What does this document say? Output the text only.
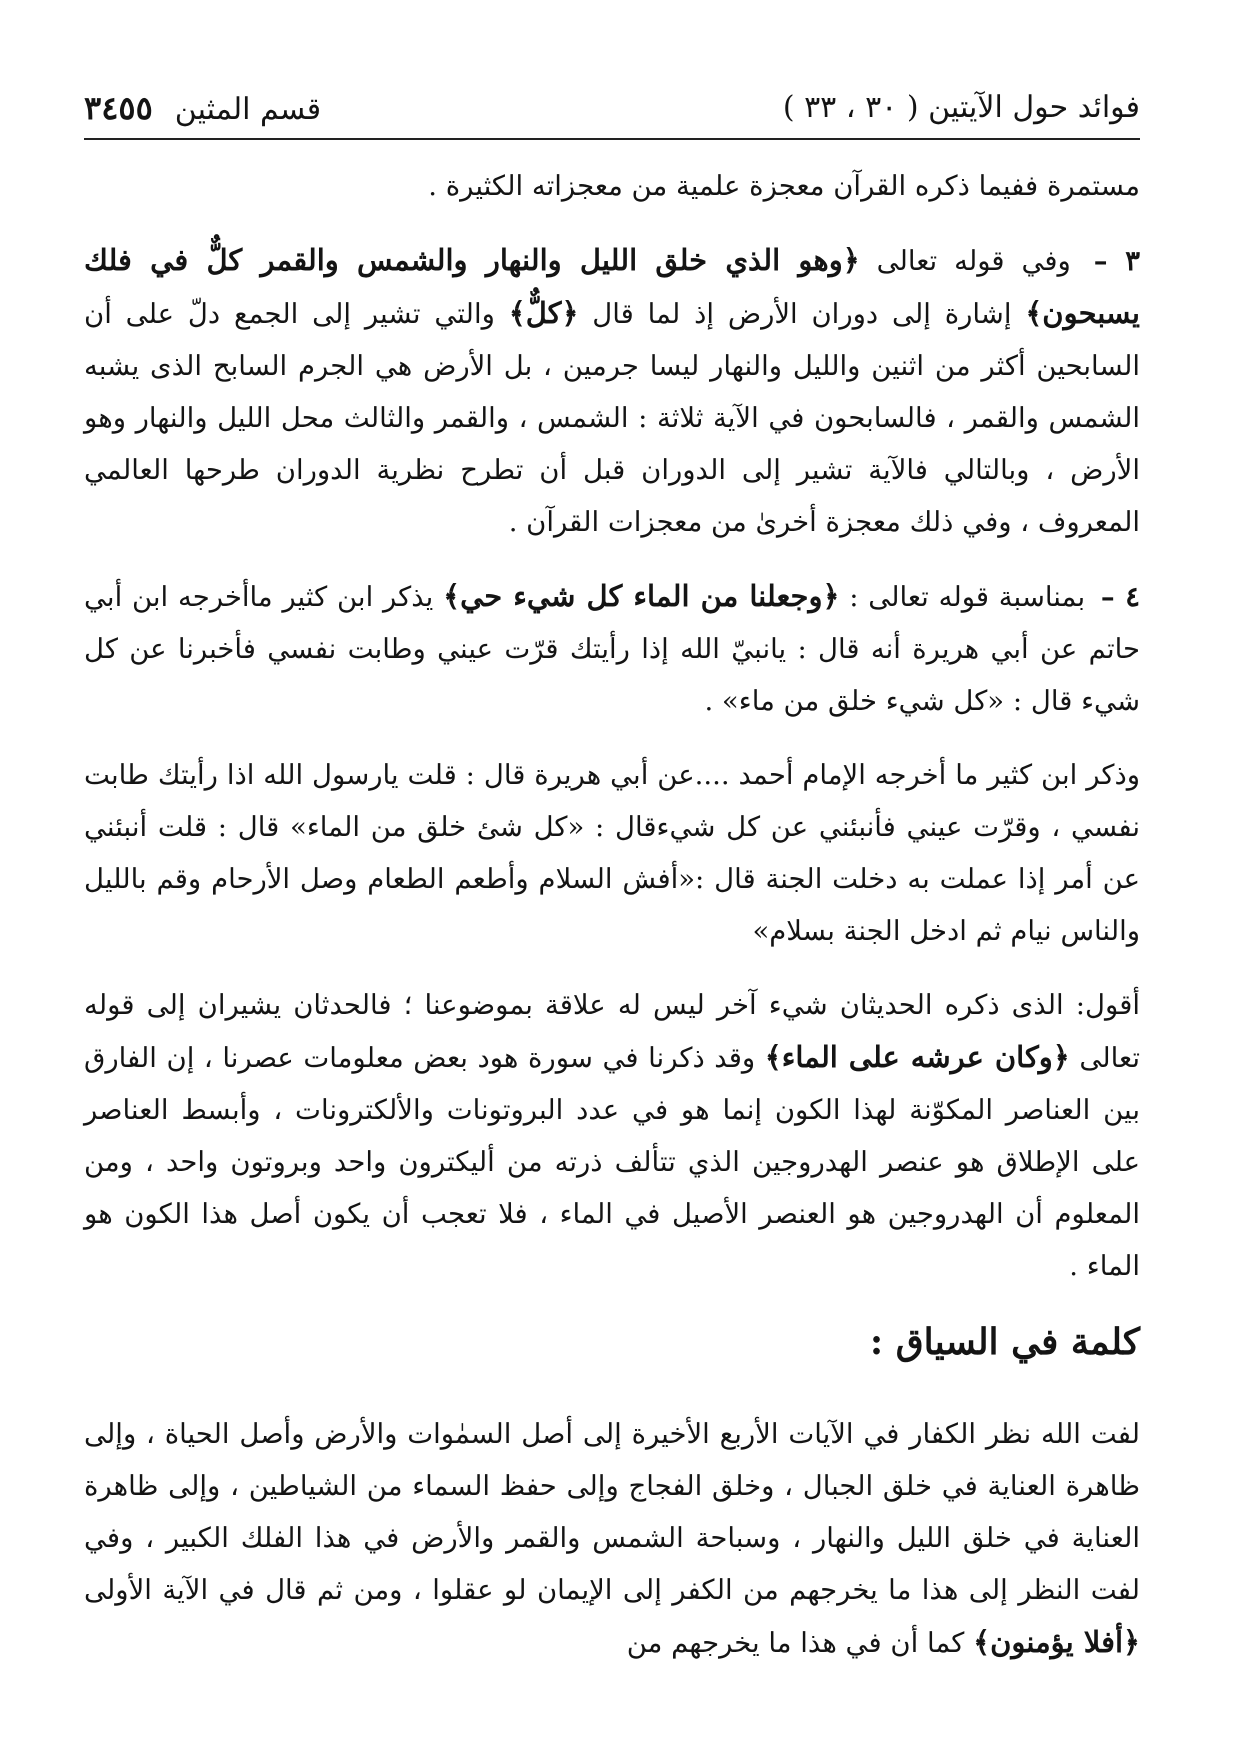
فوائد حول الآيتين ( ٣٠ ، ٣٣ )
قسم المثين٣٤٥٥

مستمرة ففيما ذكره القرآن معجزة علمية من معجزاته الكثيرة .

٣ – وفي قوله تعالى ﴿وهو الذي خلق الليل والنهار والشمس والقمر كلٌّ في فلك يسبحون﴾ إشارة إلى دوران الأرض إذ لما قال ﴿كلٌّ﴾ والتي تشير إلى الجمع دلّ على أن السابحين أكثر من اثنين والليل والنهار ليسا جرمين ، بل الأرض هي الجرم السابح الذى يشبه الشمس والقمر ، فالسابحون في الآية ثلاثة : الشمس ، والقمر والثالث محل الليل والنهار وهو الأرض ، وبالتالي فالآية تشير إلى الدوران قبل أن تطرح نظرية الدوران طرحها العالمي المعروف ، وفي ذلك معجزة أخرىٰ من معجزات القرآن .

٤ – بمناسبة قوله تعالى : ﴿وجعلنا من الماء كل شيء حي﴾ يذكر ابن كثير ماأخرجه ابن أبي حاتم عن أبي هريرة أنه قال : يانبيّ الله إذا رأيتك قرّت عيني وطابت نفسي فأخبرنا عن كل شيء قال : «كل شيء خلق من ماء» .

وذكر ابن كثير ما أخرجه الإمام أحمد ....عن أبي هريرة قال : قلت يارسول الله اذا رأيتك طابت نفسي ، وقرّت عيني فأنبئني عن كل شيءقال : «كل شئ خلق من الماء» قال : قلت أنبئني عن أمر إذا عملت به دخلت الجنة قال :«أفش السلام وأطعم الطعام وصل الأرحام وقم بالليل والناس نيام ثم ادخل الجنة بسلام»

أقول: الذى ذكره الحديثان شيء آخر ليس له علاقة بموضوعنا ؛ فالحدثان يشيران إلى قوله تعالى ﴿وكان عرشه على الماء﴾ وقد ذكرنا في سورة هود بعض معلومات عصرنا ، إن الفارق بين العناصر المكوّنة لهذا الكون إنما هو في عدد البروتونات والألكترونات ، وأبسط العناصر على الإطلاق هو عنصر الهدروجين الذي تتألف ذرته من أليكترون واحد وبروتون واحد ، ومن المعلوم أن الهدروجين هو العنصر الأصيل في الماء ، فلا تعجب أن يكون أصل هذا الكون هو الماء .

كلمة في السياق :

لفت الله نظر الكفار في الآيات الأربع الأخيرة إلى أصل السمٰوات والأرض وأصل الحياة ، وإلى ظاهرة العناية في خلق الجبال ، وخلق الفجاج وإلى حفظ السماء من الشياطين ، وإلى ظاهرة العناية في خلق الليل والنهار ، وسباحة الشمس والقمر والأرض في هذا الفلك الكبير ، وفي لفت النظر إلى هذا ما يخرجهم من الكفر إلى الإيمان لو عقلوا ، ومن ثم قال في الآية الأولى ﴿أفلا يؤمنون﴾ كما أن في هذا ما يخرجهم من
